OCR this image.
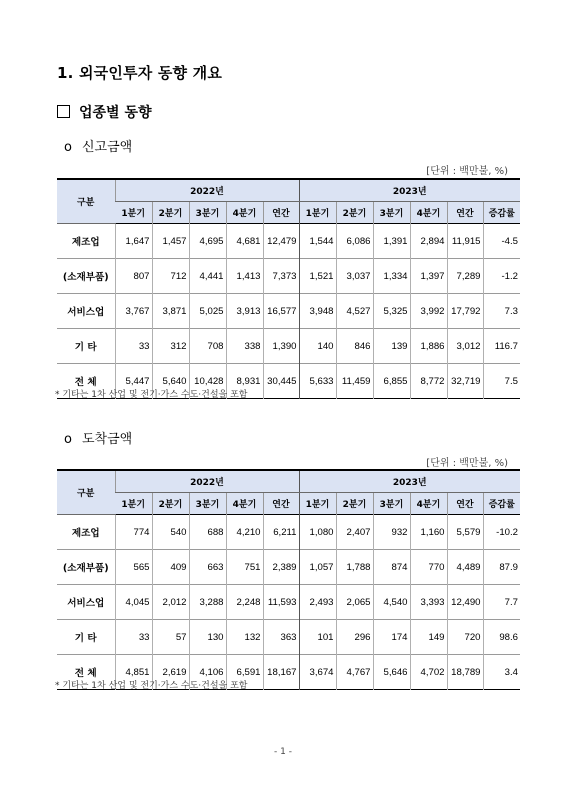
1. 외국인투자 동향 개요
업종별 동향
o 신고금액
[단위 : 백만불, %)
구분	2022년					2023년					
	1분기	2분기	3분기	4분기	연간	1분기	2분기	3분기	4분기	연간	증감률
제조업	1,647	1,457	4,695	4,681	12,479	1,544	6,086	1,391	2,894	11,915	-4.5
(소재부품)	807	712	4,441	1,413	7,373	1,521	3,037	1,334	1,397	7,289	-1.2
서비스업	3,767	3,871	5,025	3,913	16,577	3,948	4,527	5,325	3,992	17,792	7.3
기 타	33	312	708	338	1,390	140	846	139	1,886	3,012	116.7
전 체	5,447	5,640	10,428	8,931	30,445	5,633	11,459	6,855	8,772	32,719	7.5
* 기타는 1차 산업 및 전기·가스 수도·건설을 포함
o 도착금액
[단위 : 백만불, %)
구분	2022년					2023년					
	1분기	2분기	3분기	4분기	연간	1분기	2분기	3분기	4분기	연간	증감률
제조업	774	540	688	4,210	6,211	1,080	2,407	932	1,160	5,579	-10.2
(소재부품)	565	409	663	751	2,389	1,057	1,788	874	770	4,489	87.9
서비스업	4,045	2,012	3,288	2,248	11,593	2,493	2,065	4,540	3,393	12,490	7.7
기 타	33	57	130	132	363	101	296	174	149	720	98.6
전 체	4,851	2,619	4,106	6,591	18,167	3,674	4,767	5,646	4,702	18,789	3.4
* 기타는 1차 산업 및 전기·가스 수도·건설을 포함
- 1 -
